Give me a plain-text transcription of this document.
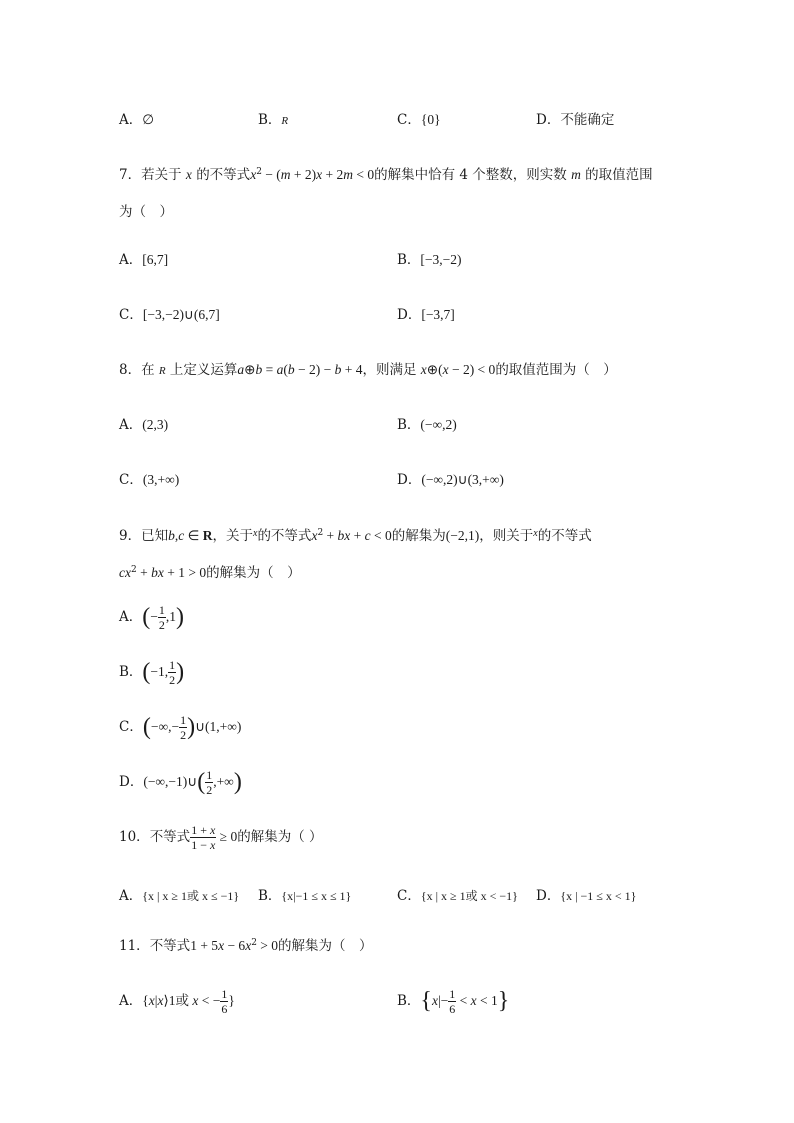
A．∅	B．R	C．{0}	D．不能确定
7．若关于 x 的不等式$x^2 - (m + 2)x + 2m < 0$的解集中恰有 4 个整数，则实数 m 的取值范围
为（　）
A．[6,7]	B．[−3,−2)
C．[−3,−2)∪(6,7]	D．[−3,7]
8．在 R 上定义运算a⊕b = a(b − 2) − b + 4，则满足 x⊕(x − 2) < 0的取值范围为（　）
A．(2,3)	B．(−∞,2)
C．(3,+∞)	D．(−∞,2)∪(3,+∞)
9．已知b,c ∈ R，关于$^x$的不等式$x^2$ + bx + c < 0的解集为(−2,1)，则关于$^x$的不等式
$cx^2$ + bx + 1 > 0的解集为（　）
A．(− $\frac{1}{2} ,1$)
B．(−1, $\frac{1}{2}$ )
C．(−∞,− $\frac{1}{2}$ )∪(1,+∞)
D．(−∞,−1)∪( $\frac{1}{2}$ ,+∞)
10．不等式 $\frac{1 + x}{1 - x} \ge 0$的解集为（ ）
A．{x | x ≥ 1或 x ≤ −1} B．{x|−1 ≤ x ≤ 1}	C．{x | x ≥ 1或 x < −1} D．{x | −1 ≤ x < 1}
11．不等式$1 + 5x - 6x^2 > 0$的解集为（　）
A．{x|x⟩1或 x < − $\frac{1}{6}$ }	B．$\{x|- \frac{1}{6} < x < 1\}$
